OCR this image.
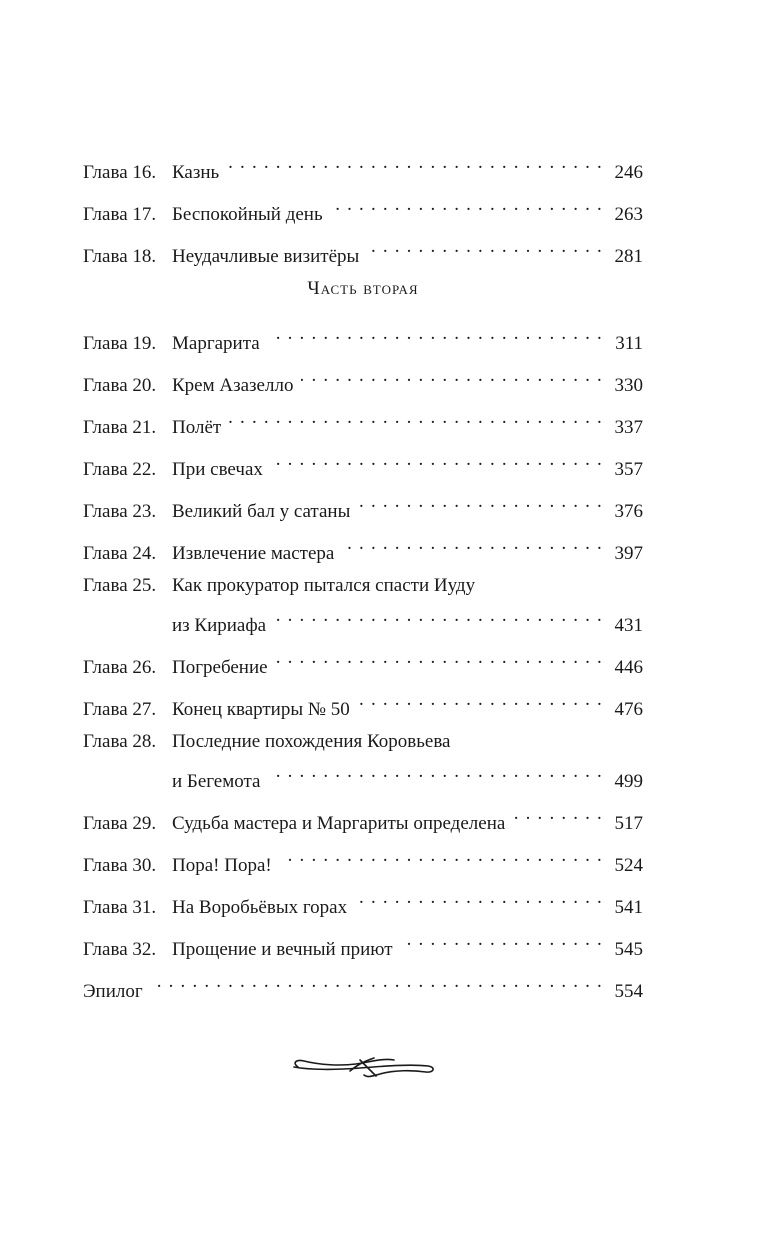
Глава 16. Казнь . . .	246
Глава 17. Беспокойный день . . .	263
Глава 18. Неудачливые визитёры . . .	281
Часть вторая
Глава 19. Маргарита . . .	311
Глава 20. Крем Азазелло . . .	330
Глава 21. Полёт . . .	337
Глава 22. При свечах . . .	357
Глава 23. Великий бал у сатаны . . .	376
Глава 24. Извлечение мастера . . .	397
Глава 25. Как прокуратор пытался спасти Иуду
из Кириафа . . .	431
Глава 26. Погребение . . .	446
Глава 27. Конец квартиры № 50 . . .	476
Глава 28. Последние похождения Коровьева
и Бегемота . . .	499
Глава 29. Судьба мастера и Маргариты определена . . .	517
Глава 30. Пора! Пора! . . .	524
Глава 31. На Воробьёвых горах . . .	541
Глава 32. Прощение и вечный приют . . .	545
Эпилог . . .	554
